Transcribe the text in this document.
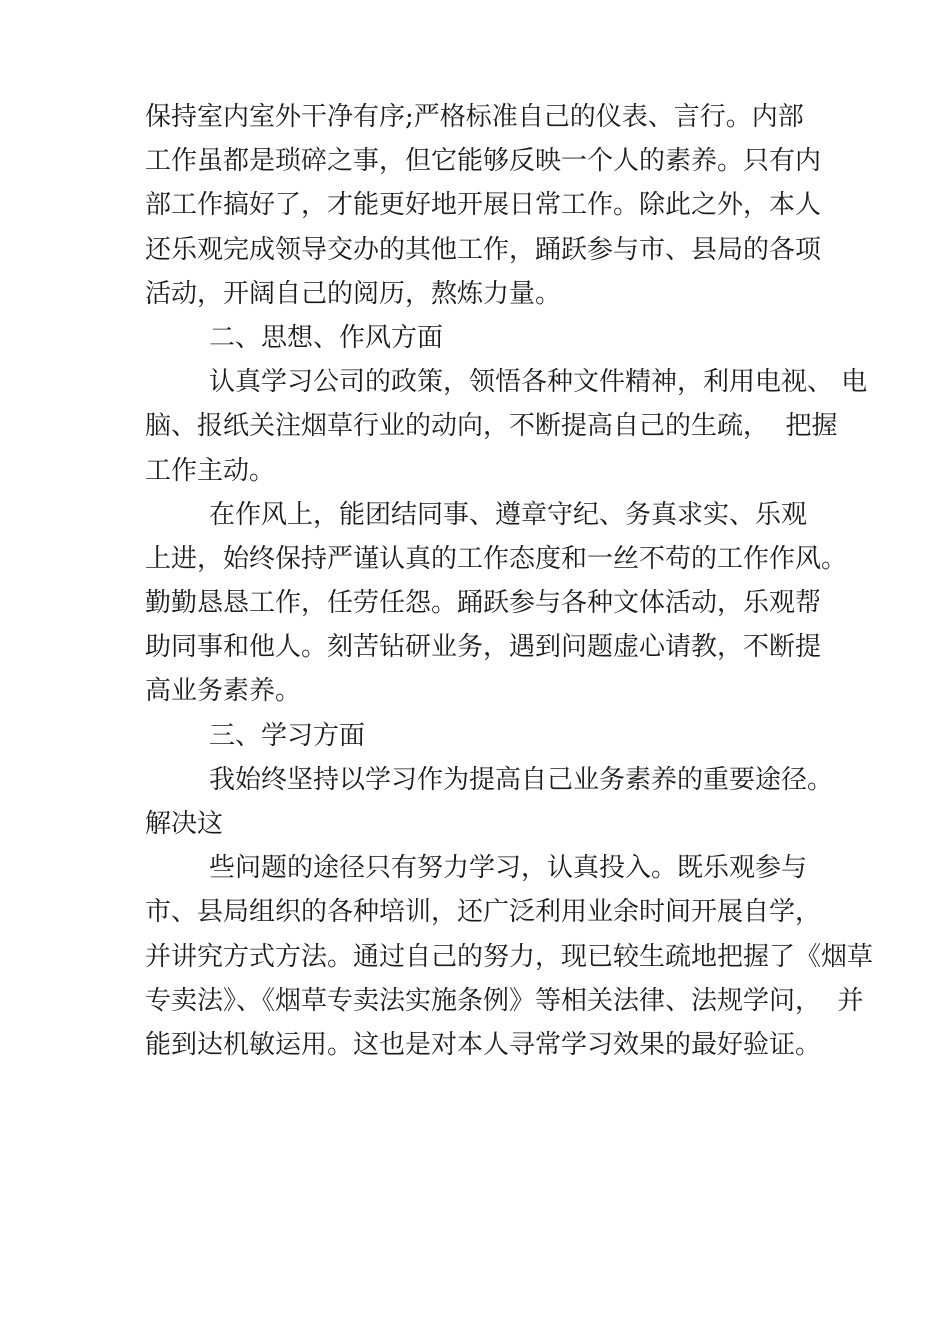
保持室内室外干净有序;严格标准自己的仪表、言行。内部
工作虽都是琐碎之事，但它能够反映一个人的素养。只有内
部工作搞好了，才能更好地开展日常工作。除此之外，本人
还乐观完成领导交办的其他工作，踊跃参与市、县局的各项
活动，开阔自己的阅历，熬炼力量。
二、思想、作风方面
认真学习公司的政策，领悟各种文件精神，利用电视、 电
脑、报纸关注烟草行业的动向，不断提高自己的生疏，  把握
工作主动。
在作风上，能团结同事、遵章守纪、务真求实、乐观
上进，始终保持严谨认真的工作态度和一丝不苟的工作作风。
勤勤恳恳工作，任劳任怨。踊跃参与各种文体活动，乐观帮
助同事和他人。刻苦钻研业务，遇到问题虚心请教，不断提
高业务素养。
三、学习方面
我始终坚持以学习作为提高自己业务素养的重要途径。
解决这
些问题的途径只有努力学习，认真投入。既乐观参与
市、县局组织的各种培训，还广泛利用业余时间开展自学，
并讲究方式方法。通过自己的努力，现已较生疏地把握了《烟草
专卖法》、《烟草专卖法实施条例》等相关法律、法规学问，  并
能到达机敏运用。这也是对本人寻常学习效果的最好验证。
